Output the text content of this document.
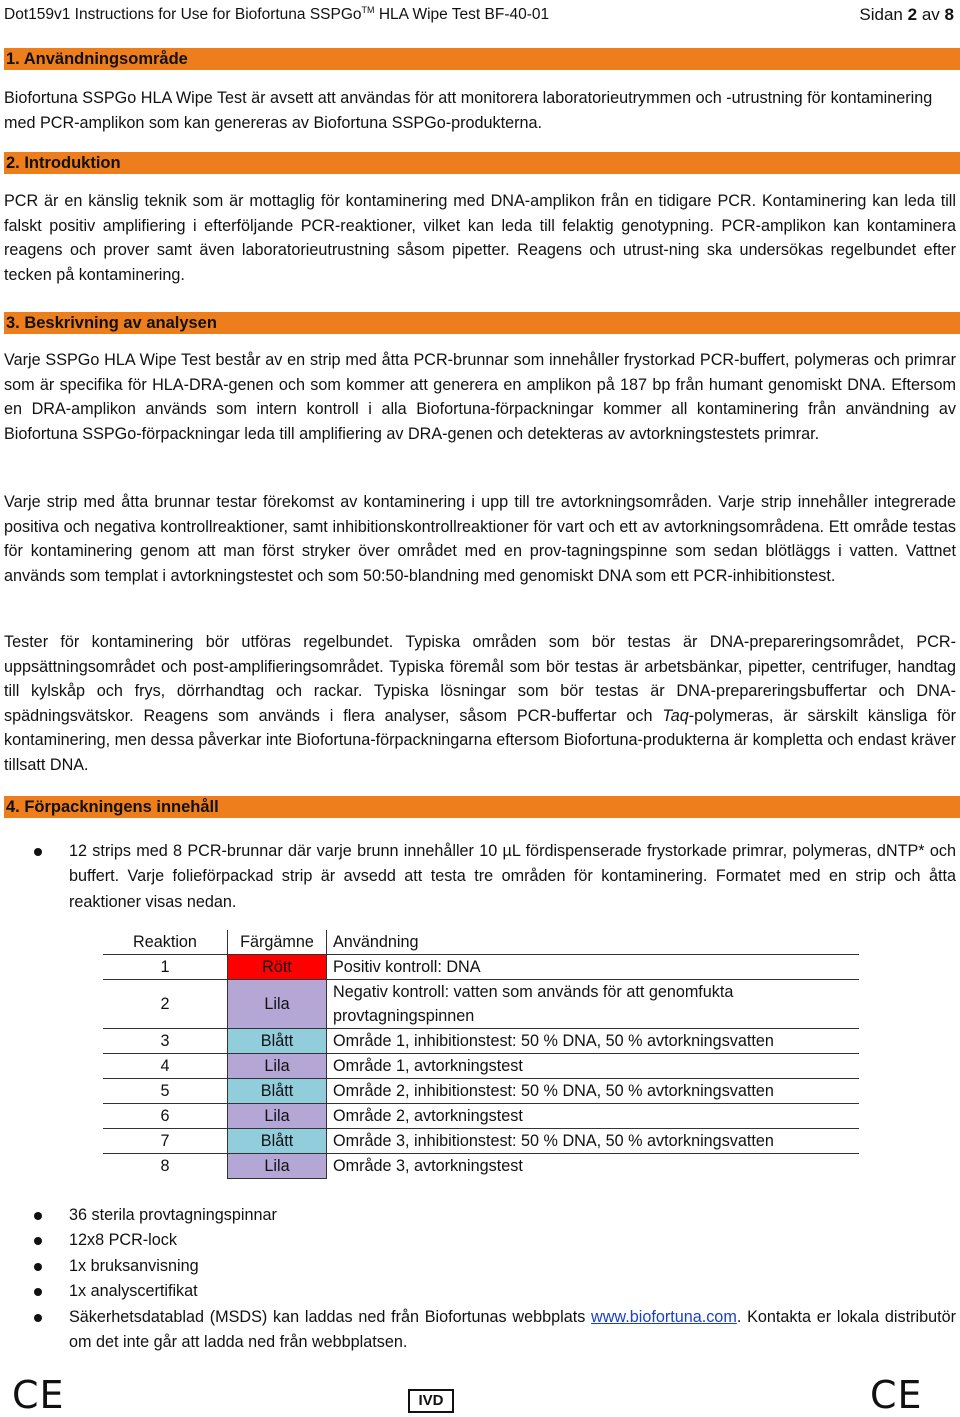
Dot159v1 Instructions for Use for Biofortuna SSPGo™ HLA Wipe Test BF-40-01	Sidan 2 av 8
1. Användningsområde

Biofortuna SSPGo HLA Wipe Test är avsett att användas för att monitorera laboratorieutrymmen och -utrustning för kontaminering med PCR-amplikon som kan genereras av Biofortuna SSPGo-produkterna.

2. Introduktion

PCR är en känslig teknik som är mottaglig för kontaminering med DNA-amplikon från en tidigare PCR. Kontaminering kan leda till falskt positiv amplifiering i efterföljande PCR-reaktioner, vilket kan leda till felaktig genotypning. PCR-amplikon kan kontaminera reagens och prover samt även laboratorieutrustning såsom pipetter. Reagens och utrust-ning ska undersökas regelbundet efter tecken på kontaminering.

3. Beskrivning av analysen

Varje SSPGo HLA Wipe Test består av en strip med åtta PCR-brunnar som innehåller frystorkad PCR-buffert, polymeras och primrar som är specifika för HLA-DRA-genen och som kommer att generera en amplikon på 187 bp från humant genomiskt DNA. Eftersom en DRA-amplikon används som intern kontroll i alla Biofortuna-förpackningar kommer all kontaminering från användning av Biofortuna SSPGo-förpackningar leda till amplifiering av DRA-genen och detekteras av avtorkningstestets primrar.

Varje strip med åtta brunnar testar förekomst av kontaminering i upp till tre avtorkningsområden. Varje strip innehåller integrerade positiva och negativa kontrollreaktioner, samt inhibitionskontrollreaktioner för vart och ett av avtorkningsområdena. Ett område testas för kontaminering genom att man först stryker över området med en prov-tagningspinne som sedan blötläggs i vatten. Vattnet används som templat i avtorkningstestet och som 50:50-blandning med genomiskt DNA som ett PCR-inhibitionstest.

Tester för kontaminering bör utföras regelbundet. Typiska områden som bör testas är DNA-prepareringsområdet, PCR-uppsättningsområdet och post-amplifieringsområdet. Typiska föremål som bör testas är arbetsbänkar, pipetter, centrifuger, handtag till kylskåp och frys, dörrhandtag och rackar. Typiska lösningar som bör testas är DNA-prepareringsbuffertar och DNA-spädningsvätskor. Reagens som används i flera analyser, såsom PCR-buffertar och Taq-polymeras, är särskilt känsliga för kontaminering, men dessa påverkar inte Biofortuna-förpackningarna eftersom Biofortuna-produkterna är kompletta och endast kräver tillsatt DNA.

4. Förpackningens innehåll
12 strips med 8 PCR-brunnar där varje brunn innehåller 10 µL fördispenserade frystorkade primrar, polymeras, dNTP* och buffert. Varje folieförpackad strip är avsedd att testa tre områden för kontaminering. Formatet med en strip och åtta reaktioner visas nedan.
Reaktion	Färgämne	Användning
1	Rött	Positiv kontroll: DNA
2	Lila	Negativ kontroll: vatten som används för att genomfukta provtagningspinnen
3	Blått	Område 1, inhibitionstest: 50 % DNA, 50 % avtorkningsvatten
4	Lila	Område 1, avtorkningstest
5	Blått	Område 2, inhibitionstest: 50 % DNA, 50 % avtorkningsvatten
6	Lila	Område 2, avtorkningstest
7	Blått	Område 3, inhibitionstest: 50 % DNA, 50 % avtorkningsvatten
8	Lila	Område 3, avtorkningstest
36 sterila provtagningspinnar
12x8 PCR-lock
1x bruksanvisning
1x analyscertifikat
Säkerhetsdatablad (MSDS) kan laddas ned från Biofortunas webbplats www.biofortuna.com. Kontakta er lokala distributör om det inte går att ladda ned från webbplatsen.
CE	IVD	CE
